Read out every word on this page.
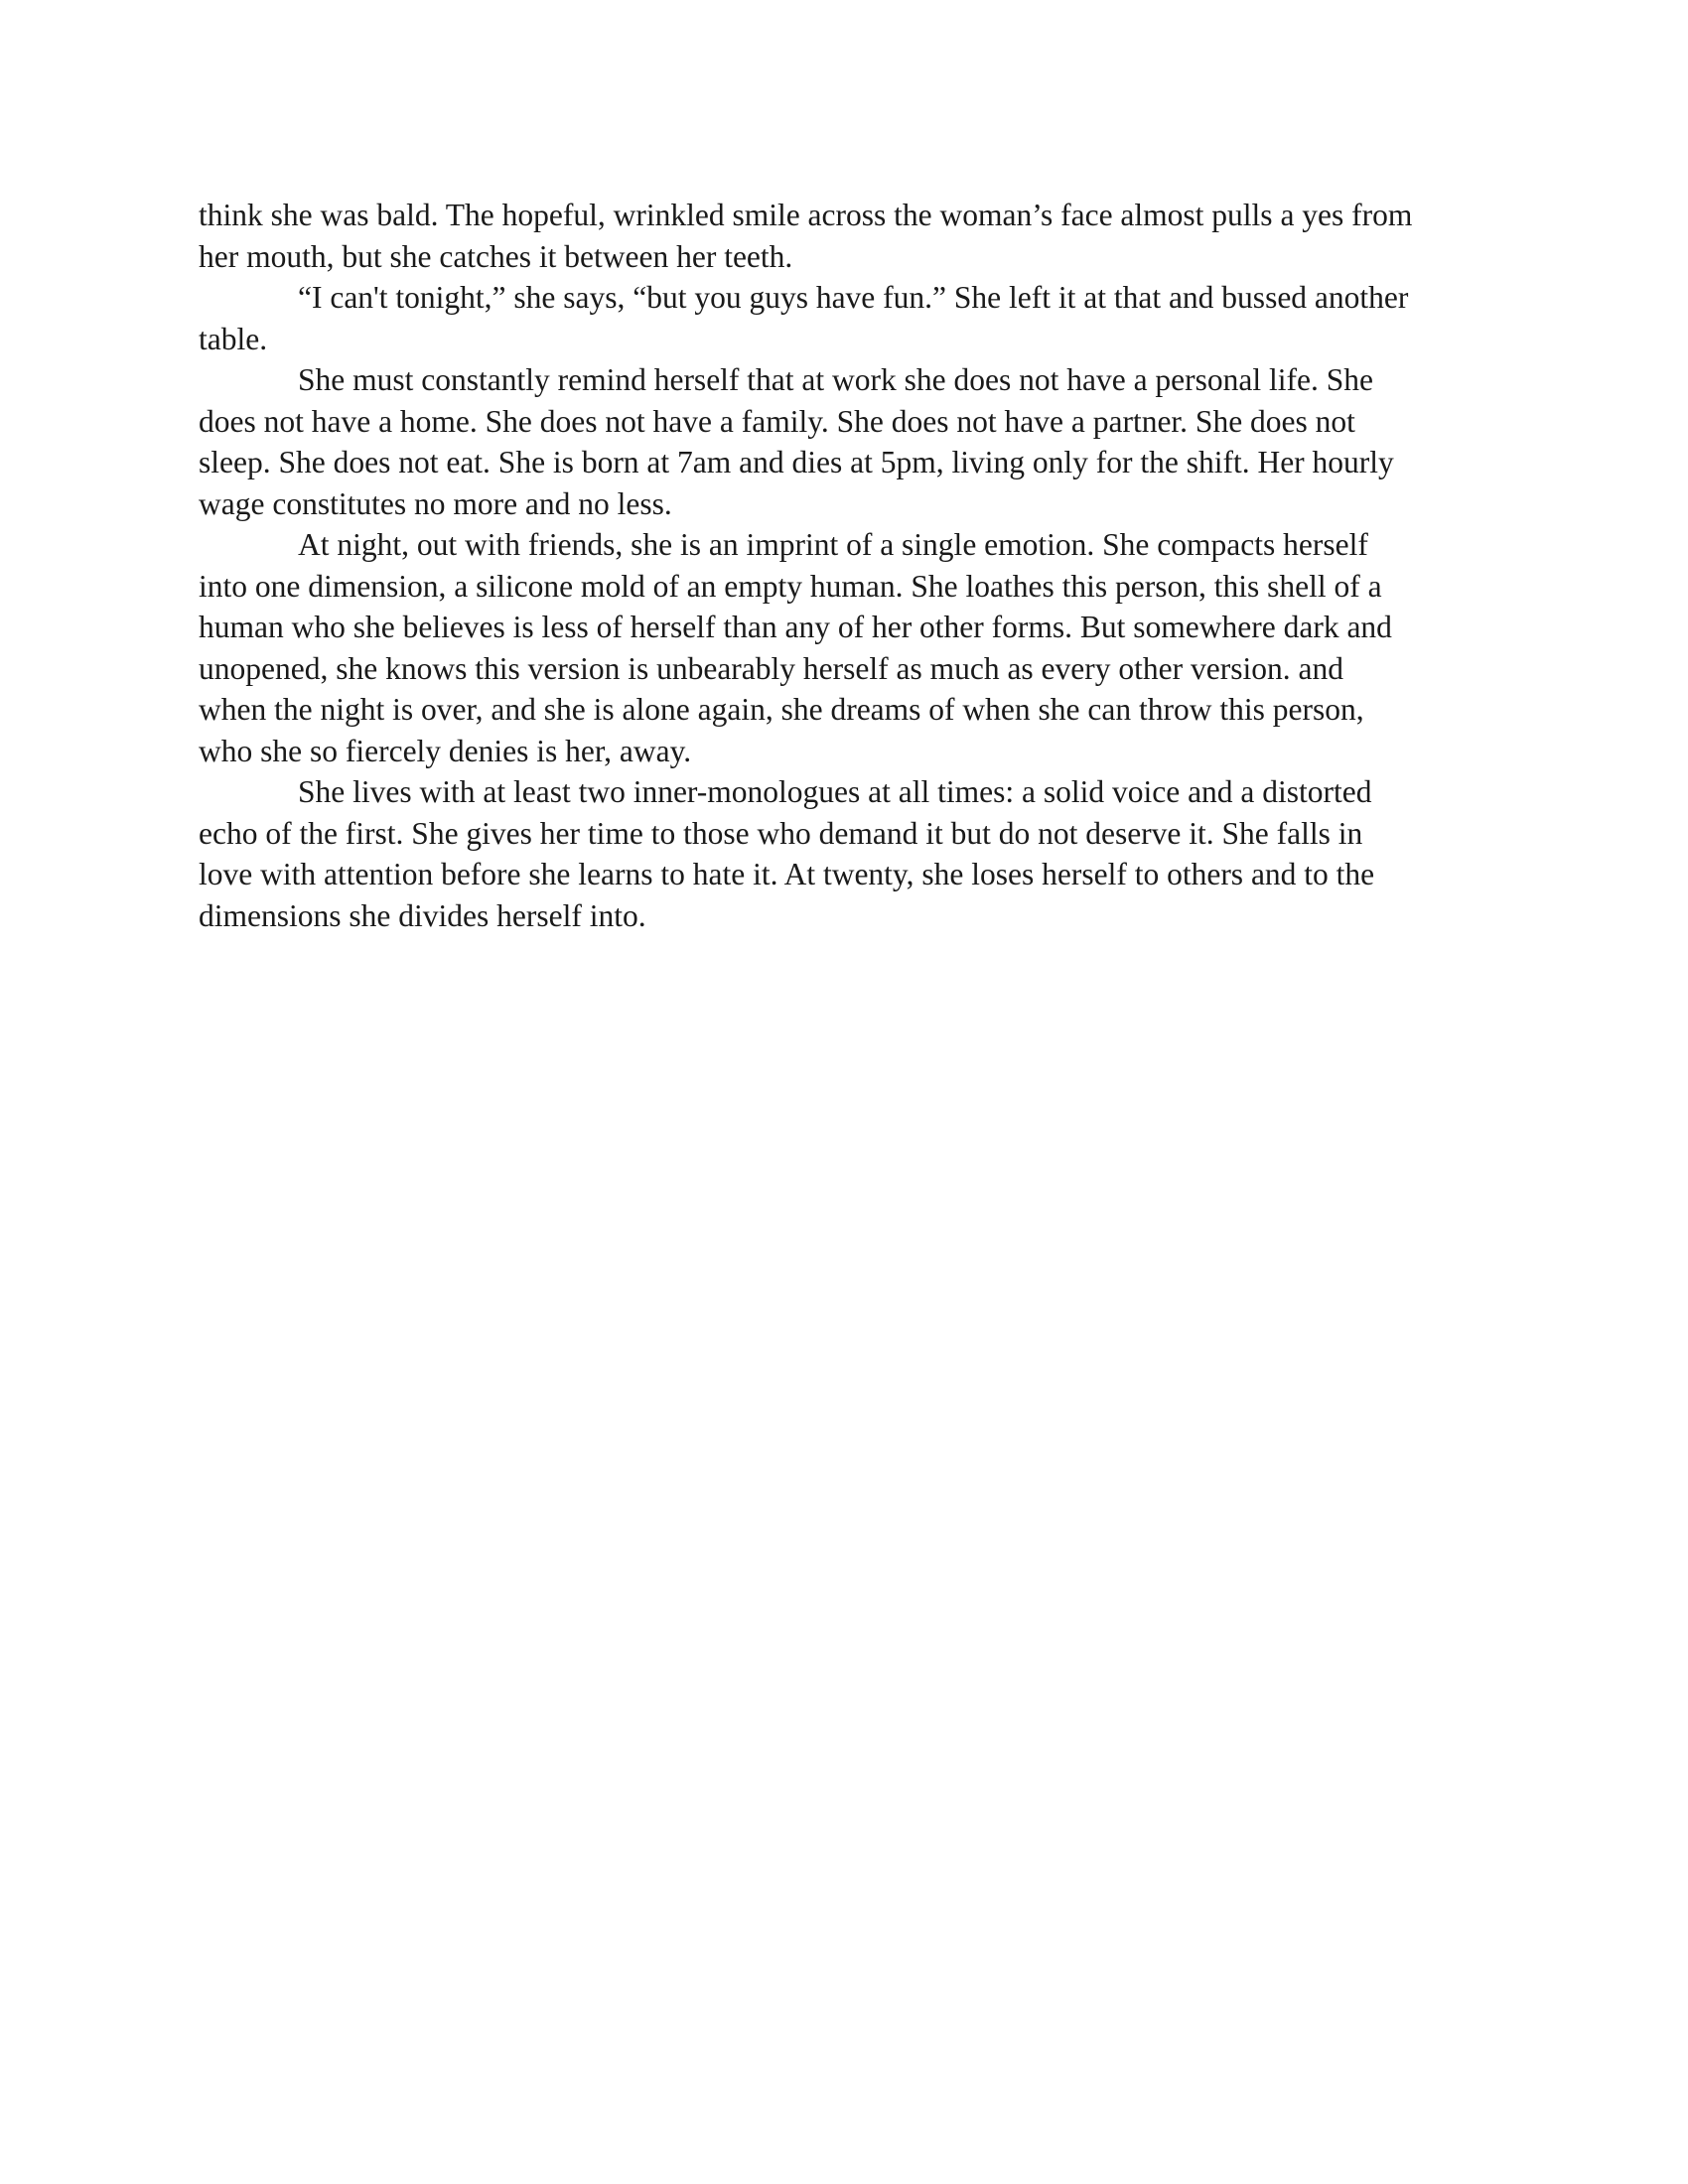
think she was bald. The hopeful, wrinkled smile across the woman’s face almost pulls a yes from
her mouth, but she catches it between her teeth.
“I can't tonight,” she says, “but you guys have fun.” She left it at that and bussed another
table.
She must constantly remind herself that at work she does not have a personal life. She
does not have a home. She does not have a family. She does not have a partner. She does not
sleep. She does not eat. She is born at 7am and dies at 5pm, living only for the shift. Her hourly
wage constitutes no more and no less.
At night, out with friends, she is an imprint of a single emotion. She compacts herself
into one dimension, a silicone mold of an empty human. She loathes this person, this shell of a
human who she believes is less of herself than any of her other forms. But somewhere dark and
unopened, she knows this version is unbearably herself as much as every other version. and
when the night is over, and she is alone again, she dreams of when she can throw this person,
who she so fiercely denies is her, away.
She lives with at least two inner-monologues at all times: a solid voice and a distorted
echo of the first. She gives her time to those who demand it but do not deserve it. She falls in
love with attention before she learns to hate it. At twenty, she loses herself to others and to the
dimensions she divides herself into.
